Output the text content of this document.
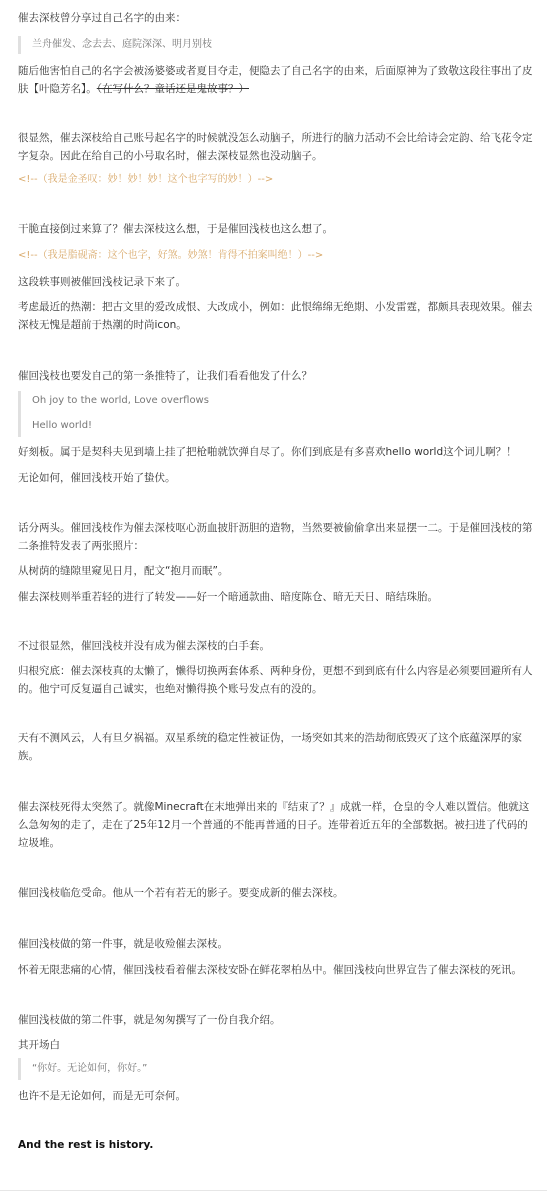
催去深枝曾分享过自己名字的由来：

兰舟催发、念去去、庭院深深、明月别枝

随后他害怕自己的名字会被汤婆婆或者夏目夺走，便隐去了自己名字的由来，后面原神为了致敬这段往事出了皮肤【叶隐芳名】。（在写什么？童话还是鬼故事？）

很显然，催去深枝给自己账号起名字的时候就没怎么动脑子，所进行的脑力活动不会比给诗会定韵、给飞花令定字复杂。因此在给自己的小号取名时，催去深枝显然也没动脑子。

<!--（我是金圣叹：妙！妙！妙！这个也字写的妙！）-->

干脆直接倒过来算了？催去深枝这么想，于是催回浅枝也这么想了。

<!--（我是脂砚斋：这个也字，好煞。妙煞！肯得不拍案叫绝！）-->

这段轶事则被催回浅枝记录下来了。

考虑最近的热潮：把古文里的爱改成恨、大改成小，例如：此恨绵绵无绝期、小发雷霆，都颇具表现效果。催去深枝无愧是超前于热潮的时尚icon。

催回浅枝也要发自己的第一条推特了，让我们看看他发了什么？

Oh joy to the world, Love overflows

Hello world!

好刻板。属于是契科夫见到墙上挂了把枪啪就饮弹自尽了。你们到底是有多喜欢hello world这个词儿啊？！

无论如何，催回浅枝开始了蛰伏。

话分两头。催回浅枝作为催去深枝呕心沥血披肝沥胆的造物，当然要被偷偷拿出来显摆一二。于是催回浅枝的第二条推特发表了两张照片：

从树荫的缝隙里窥见日月，配文“抱月而眠”。

催去深枝则举重若轻的进行了转发——好一个暗通款曲、暗度陈仓、暗无天日、暗结珠胎。

不过很显然，催回浅枝并没有成为催去深枝的白手套。

归根究底：催去深枝真的太懒了，懒得切换两套体系、两种身份，更想不到到底有什么内容是必须要回避所有人的。他宁可反复逼自己诚实，也绝对懒得换个账号发点有的没的。

天有不测风云，人有旦夕祸福。双星系统的稳定性被证伪，一场突如其来的浩劫彻底毁灭了这个底蕴深厚的家族。

催去深枝死得太突然了。就像Minecraft在末地弹出来的『结束了？』成就一样，仓皇的令人难以置信。他就这么急匆匆的走了，走在了25年12月一个普通的不能再普通的日子。连带着近五年的全部数据。被扫进了代码的垃圾堆。

催回浅枝临危受命。他从一个若有若无的影子。要变成新的催去深枝。

催回浅枝做的第一件事，就是收殓催去深枝。

怀着无限悲痛的心情，催回浅枝看着催去深枝安卧在鲜花翠柏丛中。催回浅枝向世界宣告了催去深枝的死讯。

催回浅枝做的第二件事，就是匆匆撰写了一份自我介绍。

其开场白

“你好。无论如何，你好。”

也许不是无论如何，而是无可奈何。

And the rest is history.
